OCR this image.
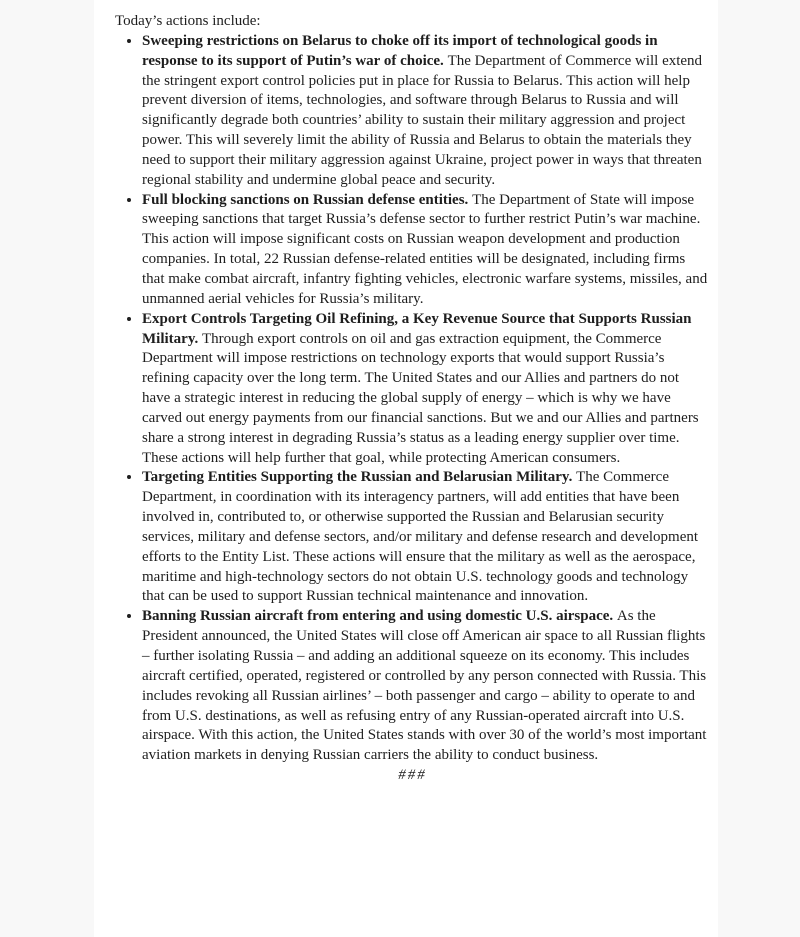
Today’s actions include:

• Sweeping restrictions on Belarus to choke off its import of technological goods in response to its support of Putin’s war of choice. The Department of Commerce will extend the stringent export control policies put in place for Russia to Belarus. This action will help prevent diversion of items, technologies, and software through Belarus to Russia and will significantly degrade both countries’ ability to sustain their military aggression and project power. This will severely limit the ability of Russia and Belarus to obtain the materials they need to support their military aggression against Ukraine, project power in ways that threaten regional stability and undermine global peace and security.
• Full blocking sanctions on Russian defense entities. The Department of State will impose sweeping sanctions that target Russia’s defense sector to further restrict Putin’s war machine. This action will impose significant costs on Russian weapon development and production companies. In total, 22 Russian defense-related entities will be designated, including firms that make combat aircraft, infantry fighting vehicles, electronic warfare systems, missiles, and unmanned aerial vehicles for Russia’s military.
• Export Controls Targeting Oil Refining, a Key Revenue Source that Supports Russian Military. Through export controls on oil and gas extraction equipment, the Commerce Department will impose restrictions on technology exports that would support Russia’s refining capacity over the long term. The United States and our Allies and partners do not have a strategic interest in reducing the global supply of energy – which is why we have carved out energy payments from our financial sanctions. But we and our Allies and partners share a strong interest in degrading Russia’s status as a leading energy supplier over time. These actions will help further that goal, while protecting American consumers.
• Targeting Entities Supporting the Russian and Belarusian Military. The Commerce Department, in coordination with its interagency partners, will add entities that have been involved in, contributed to, or otherwise supported the Russian and Belarusian security services, military and defense sectors, and/or military and defense research and development efforts to the Entity List. These actions will ensure that the military as well as the aerospace, maritime and high-technology sectors do not obtain U.S. technology goods and technology that can be used to support Russian technical maintenance and innovation.
• Banning Russian aircraft from entering and using domestic U.S. airspace. As the President announced, the United States will close off American air space to all Russian flights – further isolating Russia – and adding an additional squeeze on its economy. This includes aircraft certified, operated, registered or controlled by any person connected with Russia. This includes revoking all Russian airlines’ – both passenger and cargo – ability to operate to and from U.S. destinations, as well as refusing entry of any Russian-operated aircraft into U.S. airspace. With this action, the United States stands with over 30 of the world’s most important aviation markets in denying Russian carriers the ability to conduct business.

###
